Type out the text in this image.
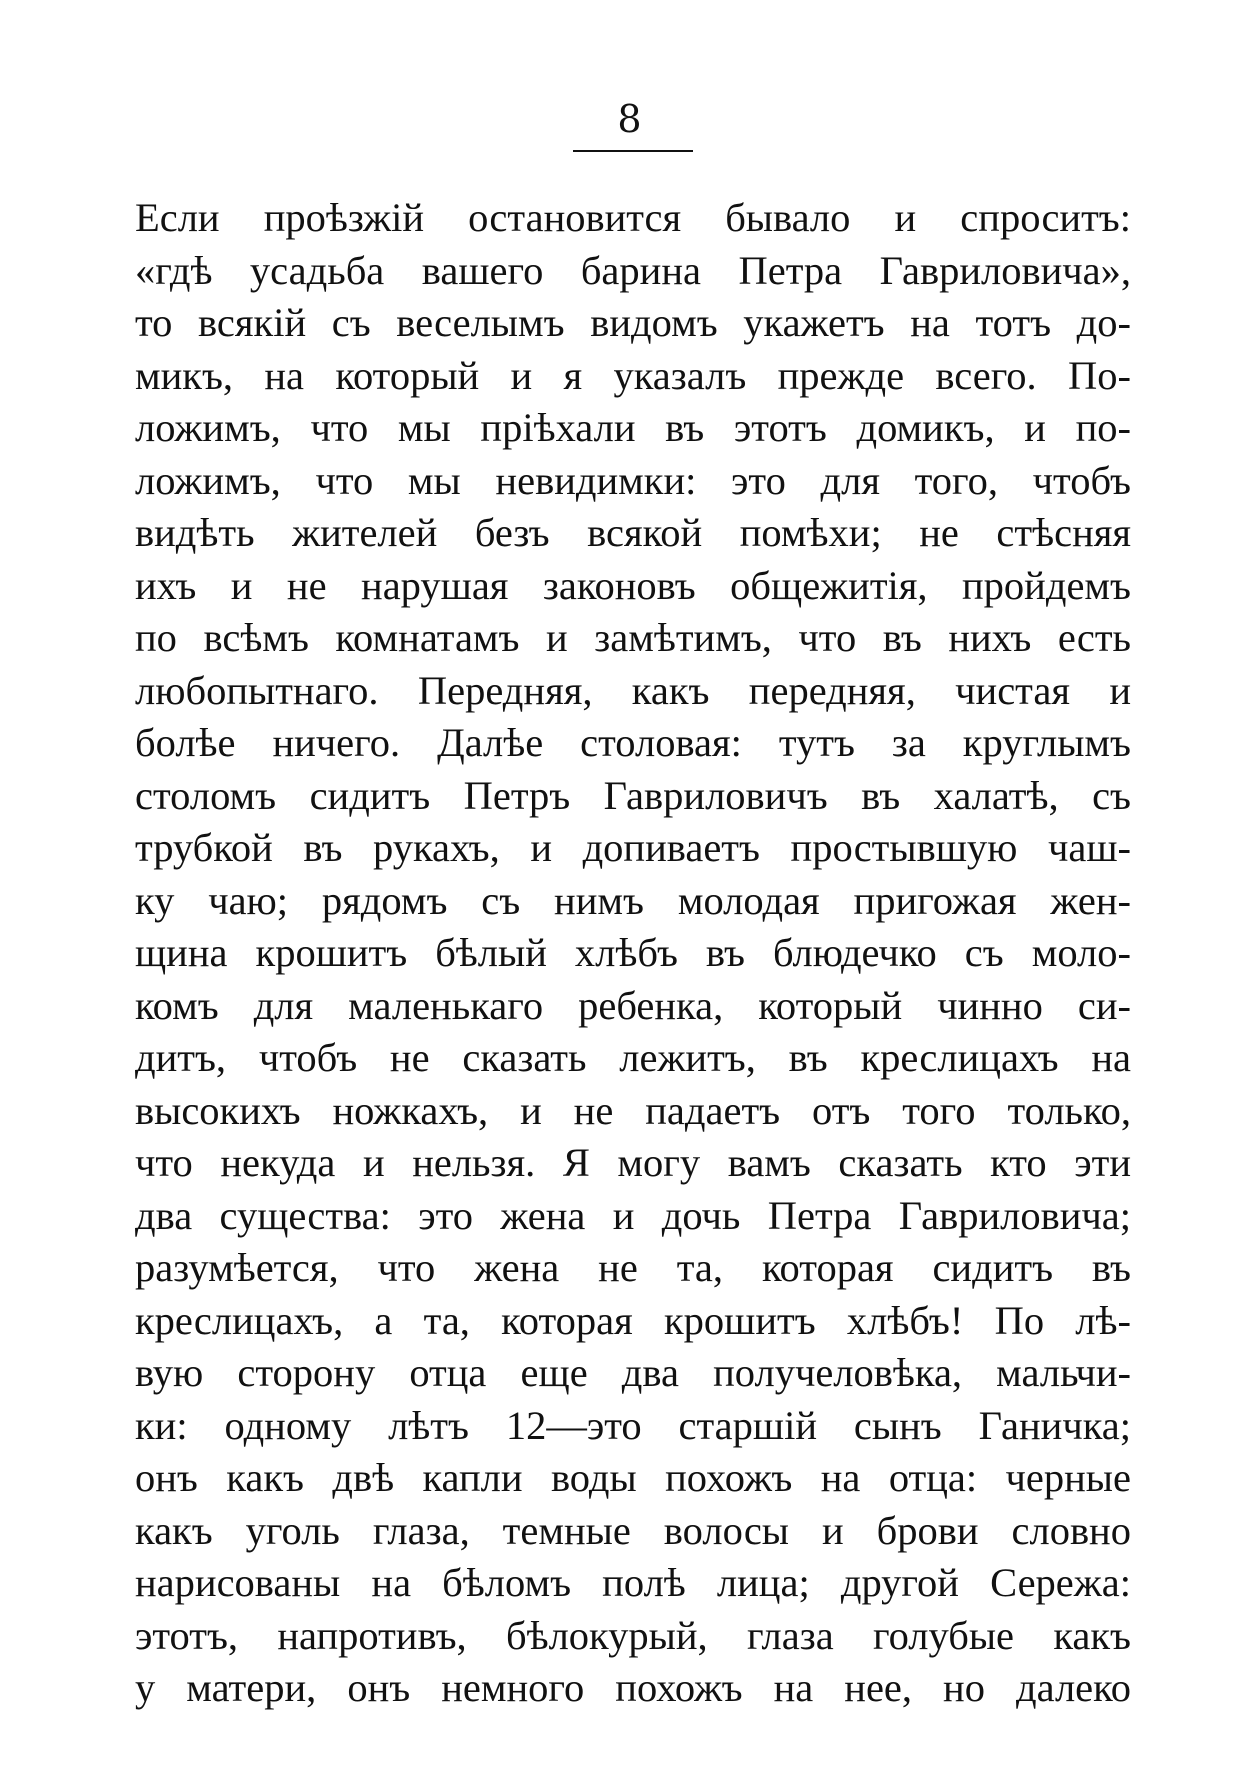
8
Если проѣзжій остановится бывало и спроситъ:
«гдѣ усадьба вашего барина Петра Гавриловича»,
то всякій съ веселымъ видомъ укажетъ на тотъ до-
микъ, на который и я указалъ прежде всего. По-
ложимъ, что мы пріѣхали въ этотъ домикъ, и по-
ложимъ, что мы невидимки: это для того, чтобъ
видѣть жителей безъ всякой помѣхи; не стѣсняя
ихъ и не нарушая законовъ общежитія, пройдемъ
по всѣмъ комнатамъ и замѣтимъ, что въ нихъ есть
любопытнаго. Передняя, какъ передняя, чистая и
болѣе ничего. Далѣе столовая: тутъ за круглымъ
столомъ сидитъ Петръ Гавриловичъ въ халатѣ, съ
трубкой въ рукахъ, и допиваетъ простывшую чаш-
ку чаю; рядомъ съ нимъ молодая пригожая жен-
щина крошитъ бѣлый хлѣбъ въ блюдечко съ моло-
комъ для маленькаго ребенка, который чинно си-
дитъ, чтобъ не сказать лежитъ, въ креслицахъ на
высокихъ ножкахъ, и не падаетъ отъ того только,
что некуда и нельзя. Я могу вамъ сказать кто эти
два существа: это жена и дочь Петра Гавриловича;
разумѣется, что жена не та, которая сидитъ въ
креслицахъ, а та, которая крошитъ хлѣбъ! По лѣ-
вую сторону отца еще два получеловѣка, мальчи-
ки: одному лѣтъ 12—это старшій сынъ Ганичка;
онъ какъ двѣ капли воды похожъ на отца: черные
какъ уголь глаза, темные волосы и брови словно
нарисованы на бѣломъ полѣ лица; другой Сережа:
этотъ, напротивъ, бѣлокурый, глаза голубые какъ
у матери, онъ немного похожъ на нее, но далеко
